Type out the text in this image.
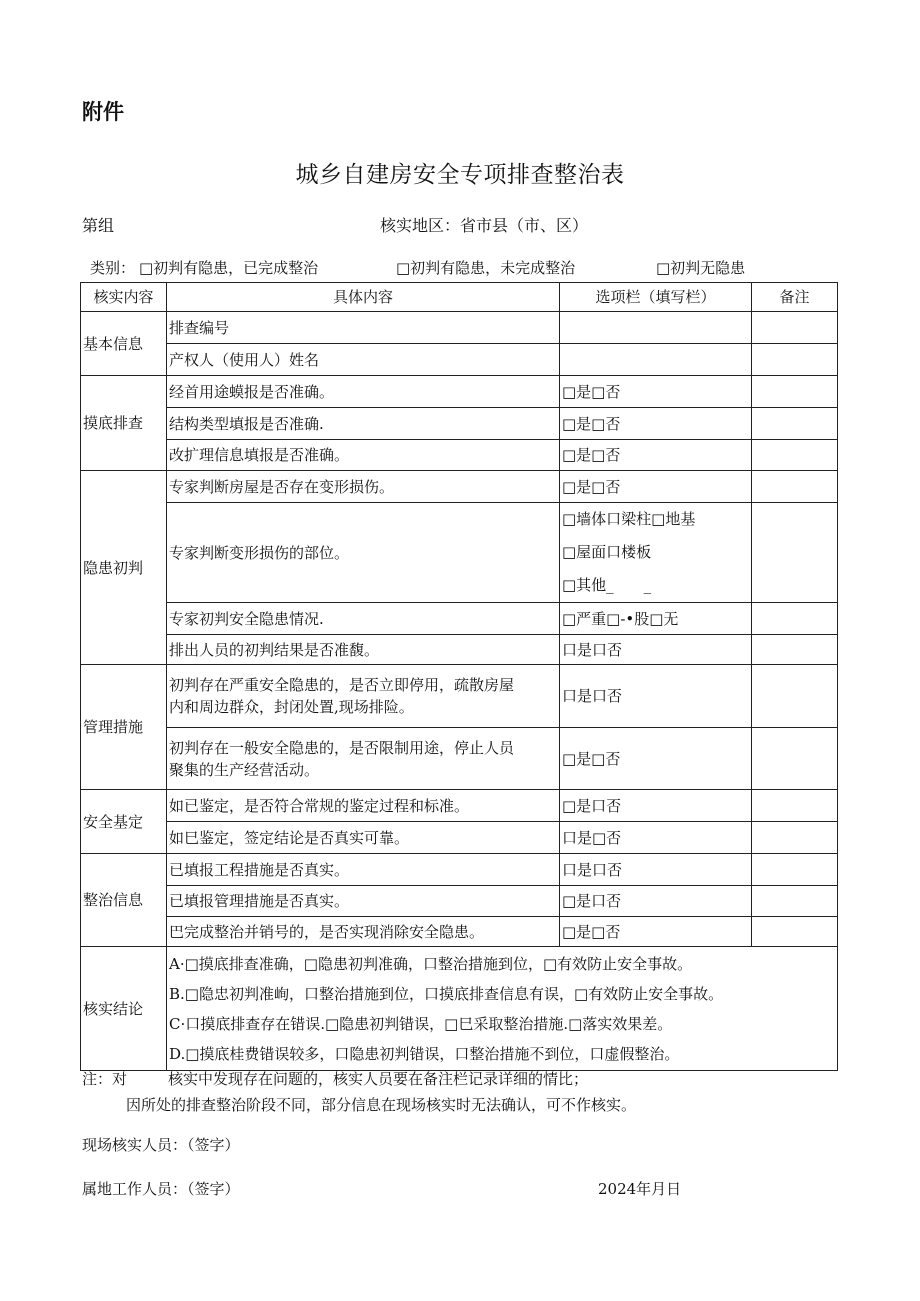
附件
城乡自建房安全专项排查整治表
第组	核实地区：省市县（市、区）
类别： □初判有隐患，已完成整治	□初判有隐患，未完成整治	□初判无隐患
核实内容	具体内容	选项栏（填写栏）	备注
基本信息	排查编号		
	产权人（使用人）姓名		
摸底排查	经首用途蟆报是否准确。	□是□否	
	结构类型填报是否准确.	□是□否	
	改扩理信息填报是否准确。	□是□否	
隐患初判	专家判断房屋是否存在变形损伤。	□是□否	
	专家判断变形损伤的部位。	□墙体口梁柱□地基
□屋面口楼板
□其他_　　_	

	专家初判安全隐患情况.	□严重□-•股□无	
	排出人员的初判结果是否准馥。	口是口否	
管理措施	初判存在严重安全隐患的，是否立即停用，疏散房屋
内和周边群众，封闭处置,现场排险。	口是口否	

	初判存在一般安全隐患的，是否限制用途，停止人员
聚集的生产经营活动。	□是□否	
安全基定	如已鉴定，是否符合常规的鉴定过程和标准。	□是口否	
	如巳鉴定，签定结论是否真实可靠。	口是□否	
整治信息	已填报工程措施是否真实。	口是口否	
	已填报管理措施是否真实。	□是口否	
	巴完成整治并销号的，是否实现消除安全隐患。	□是□否	
核实结论	A·□摸底排查准确，□隐患初判准确，口整治措施到位，□有效防止安全事故。
B.□隐忠初判准峋，口整治措施到位，口摸底排查信息有误，□有效防止安全事故。
C·口摸底排查存在错误.□隐患初判错误，□巳采取整治措施.□落实效果差。
D.□摸底桂费错误较多，口隐患初判错误，口整治措施不到位，口虚假整治。		
注：对	核实中发现存在问题的，核实人员要在备注栏记录详细的情比；
因所处的排查整治阶段不同，部分信息在现场核实时无法确认，可不作核实。
现场核实人员：（签字）
属地工作人员：（签字）	2024年月日
